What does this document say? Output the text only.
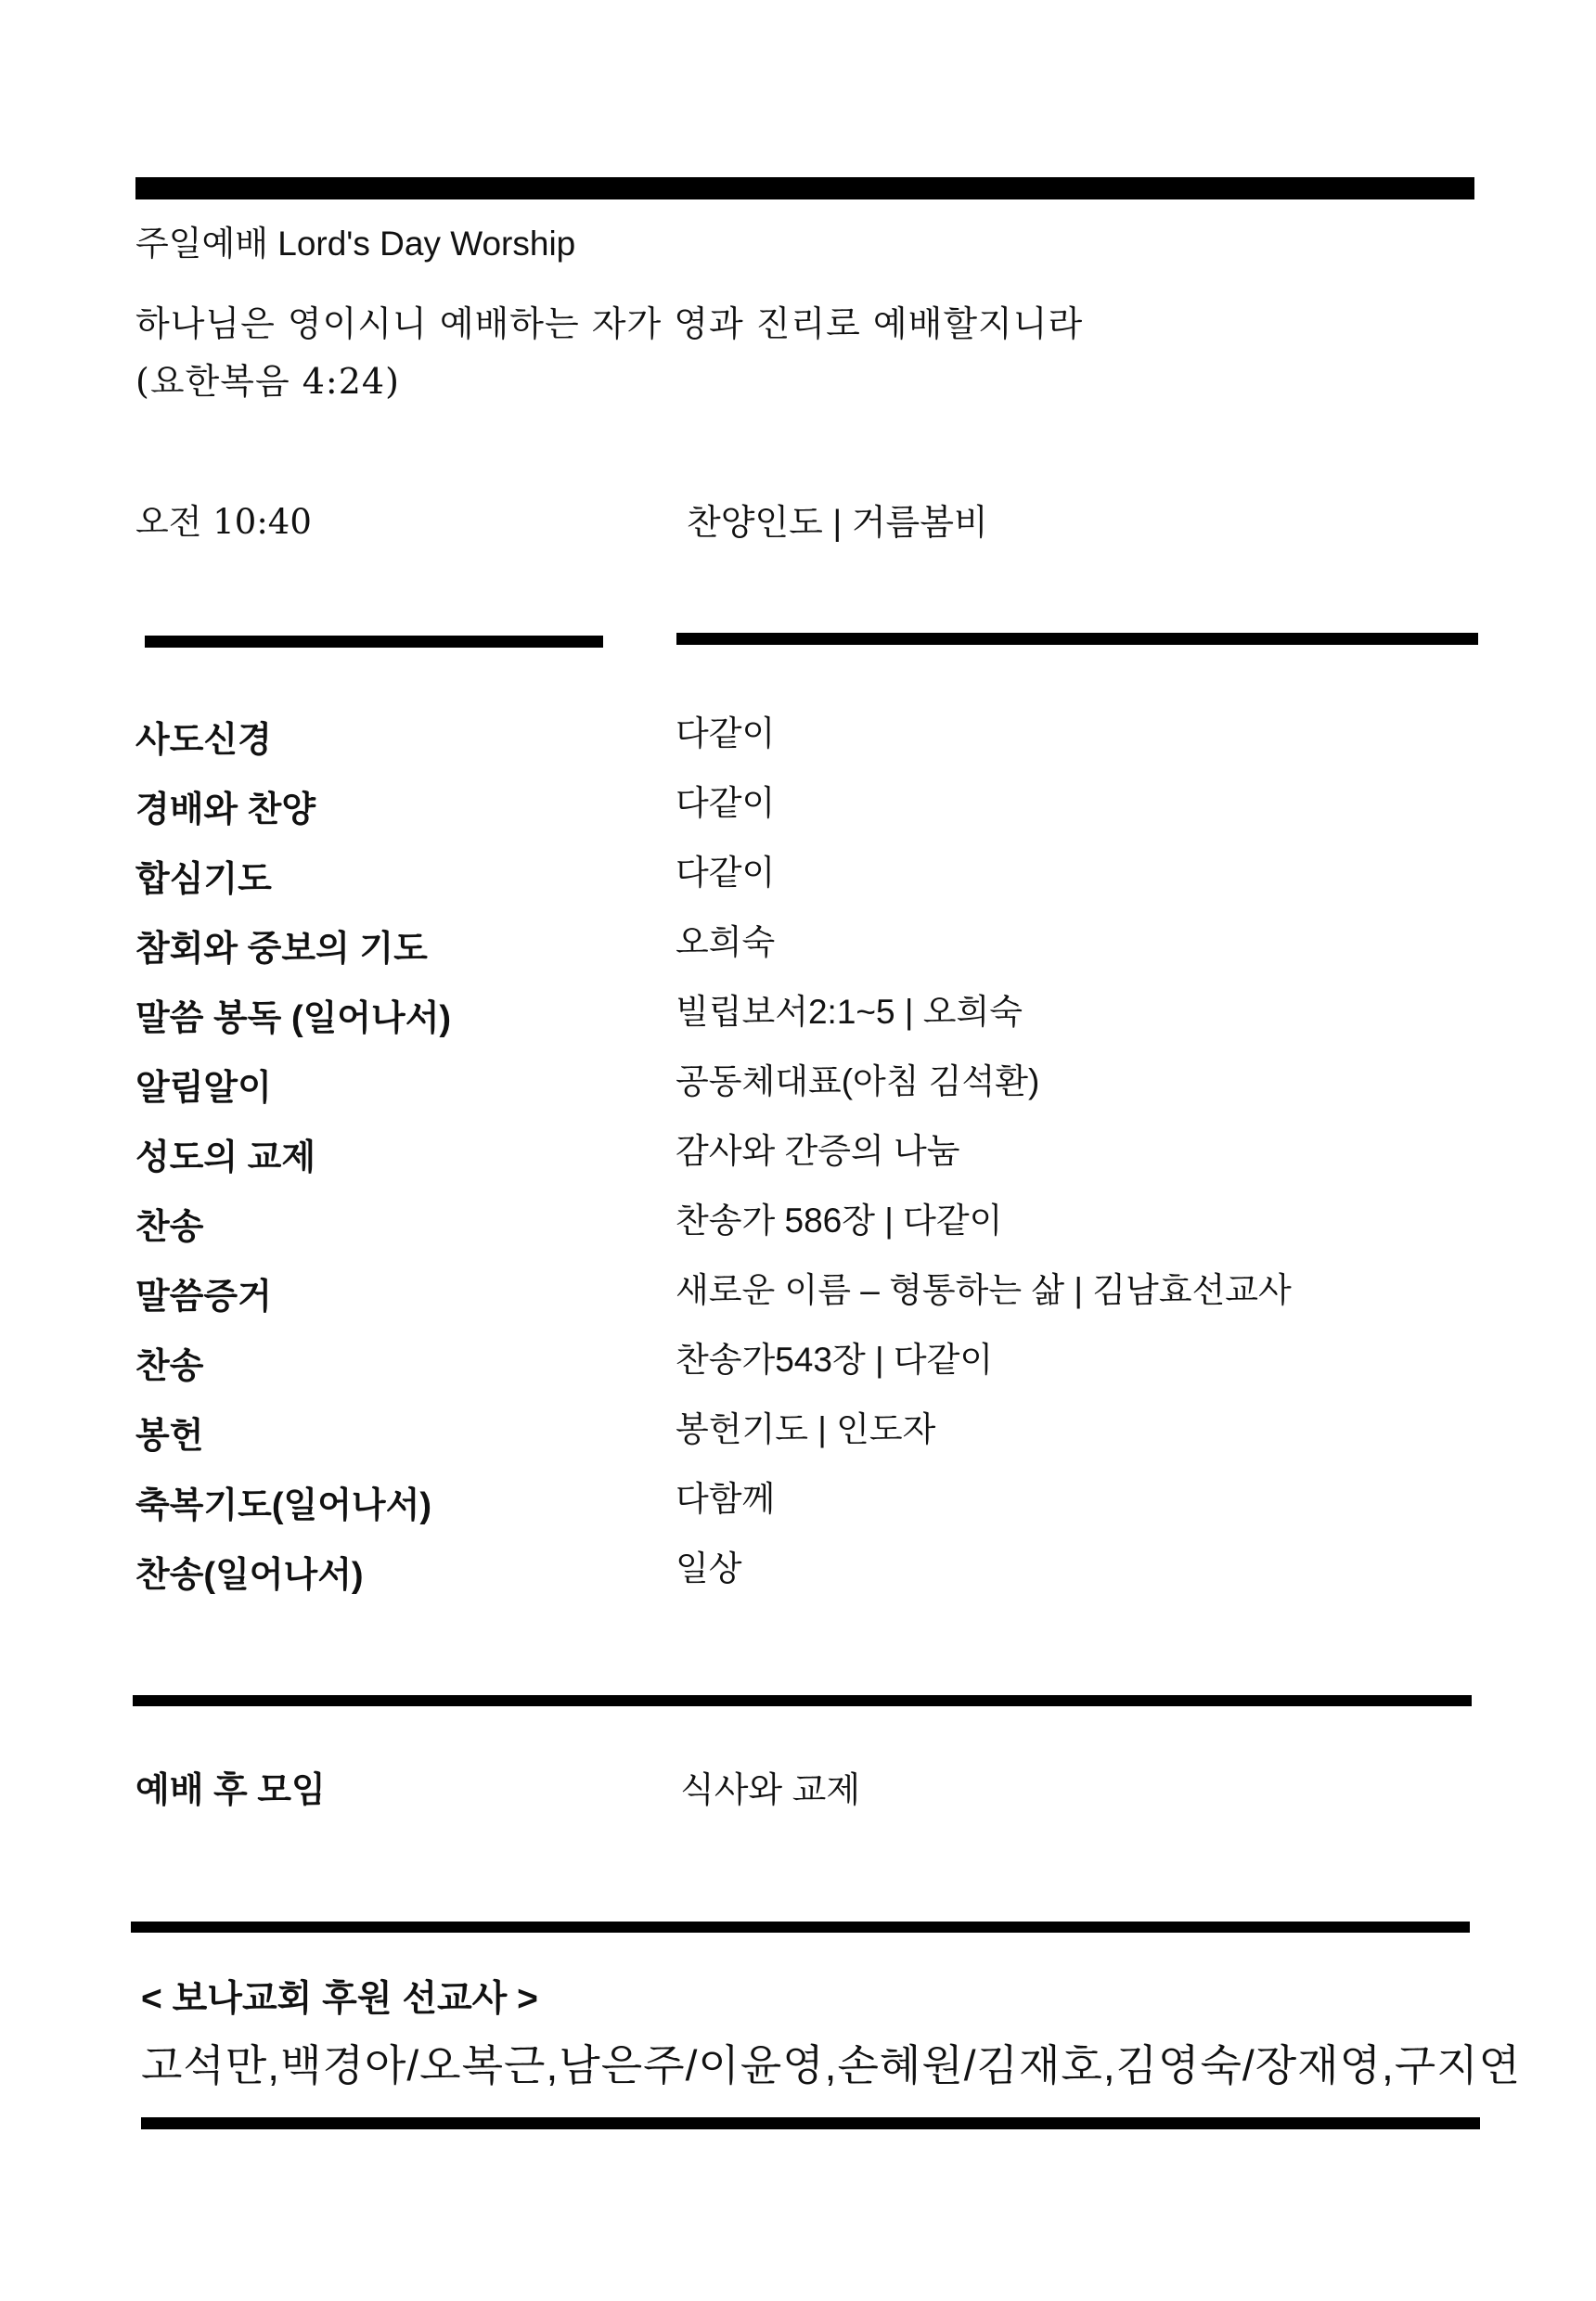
주일예배 Lord's Day Worship
하나님은 영이시니 예배하는 자가 영과 진리로 예배할지니라
(요한복음 4:24)
오전 10:40	찬양인도 | 거름봄비
사도신경	다같이
경배와 찬양	다같이
합심기도	다같이
참회와 중보의 기도	오희숙
말씀 봉독 (일어나서)	빌립보서2:1~5 | 오희숙
알림알이	공동체대표(아침 김석환)
성도의 교제	감사와 간증의 나눔
찬송	찬송가 586장 | 다같이
말씀증거	새로운 이름 – 형통하는 삶 | 김남효선교사
찬송	찬송가543장 | 다같이
봉헌	봉헌기도 | 인도자
축복기도(일어나서)	다함께
찬송(일어나서)	일상
예배 후 모임	식사와 교제
< 보나교회 후원 선교사 >
고석만,백경아/오복근,남은주/이윤영,손혜원/김재호,김영숙/장재영,구지연
